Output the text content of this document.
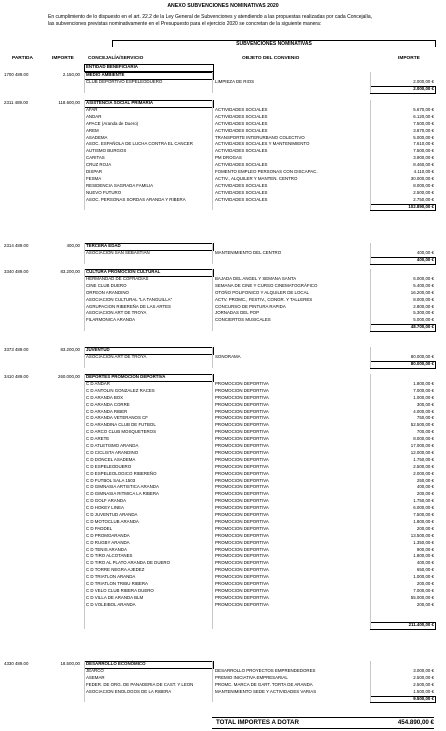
ANEXO SUBVENCIONES NOMINATIVAS 2020
En cumplimiento de lo dispuesto en el art. 22.2 de la Ley General de Subvenciones y atendiendo a las propuestas realizadas por cada Concejalía,
las subvenciones previstas nominativamente en el Presupuesto para el ejercicio 2020 se concretan de la siguiente manera:
SUBVENCIONES NOMINATIVAS
PARTIDA	IMPORTE	CONCEJALÍA/SERVICIO	OBJETO DEL CONVENIO	IMPORTE
ENTIDAD BENEFICIARIA
1700 489.00	2.150,00 MEDIO AMBIENTE
CLUB DEPORTIVO ESPELEODUERO	LIMPIEZA DE RIOS	2.000,00 €
2.000,00 €
2311 489.00	118.600,00 ASISTENCIA SOCIAL PRIMARIA
AFAR	ACTIVIDADES SOCIALES	5.670,00 €
ANDAR	ACTIVIDADES SOCIALES	6.120,00 €
APACE (Aranda de Duero)	ACTIVIDADES SOCIALES	7.500,00 €
AREM	ACTIVIDADES SOCIALES	3.870,00 €
ASADEMA	TRANSPORTE INTERURBANO COLECTIVO	5.000,00 €
ASOC. ESPAÑOLA DE LUCHA CONTRA EL CANCER	ACTIVIDADES SOCIALES Y MANTENIMIENTO	7.610,00 €
AUTISMO BURGOS	ACTIVIDADES SOCIALES	7.500,00 €
CARITAS	PM DROGAS	3.900,00 €
CRUZ ROJA	ACTIVIDADES SOCIALES	8.460,00 €
DISPAR	FOMENTO EMPLEO PERSONAS CON DISCAPAC.	4.110,00 €
FESMA	ACTIV., ALQUILER Y MANTEN. CENTRO	30.000,00 €
RESIDENCIA SAGRADA FAMILIA	ACTIVIDADES SOCIALES	8.000,00 €
NUEVO FUTURO	ACTIVIDADES SOCIALES	2.500,00 €
ASOC. PERSONAS SORDAS ARANDA Y RIBERA	ACTIVIDADES SOCIALES	2.750,00 €
102.890,00 €
2314 489.00	400,00 TERCERA EDAD
ASOCIACIÓN SAN SEBASTIÁN	MANTENIMIENTO DEL CENTRO	400,00 €
400,00 €
3340 489.00	83.200,00 CULTURA PROMOCION CULTURAL
HERMANDAD DE COFRADIAS	BAJADA DEL ANGEL Y SEMANA SANTA	6.000,00 €
CINE CLUB DUERO	SEMANA DE CINE Y CURSO CINEMATOGRÁFICO	5.400,00 €
ORFEON ARANDINO	OTOÑO POLIFONICO Y ALQUILER DE LOCAL	16.200,00 €
ASOCIACION CULTURAL "LA TANGUILLA"	ACTV. PROMC., FESTIV., CONGR. Y TALLERES	8.000,00 €
AGRUPACION RIBEREÑA DE LAS ARTES	CONCURSO DE PINTURA RAPIDA	2.800,00 €
ASOCIACION ART DE TROYA	JORNADAS DEL POP	5.300,00 €
FILARMONICA ARANDA	CONCIERTOS MUSICALES	5.000,00 €
48.700,00 €
3373 489.00	83.200,00 JUVENTUD
ASOCIACION ART DE TROYA	SONORAMA	80.000,00 €
80.000,00 €
3410 489.00	260.000,00 DEPORTES PROMOCION DEPORTIVA
C D ANDAR	PROMOCION DEPORTIVA	1.800,00 €
C D ANTOLIN GONZALEZ RACES	PROMOCION DEPORTIVA	7.000,00 €
C D ARANDA BOX	PROMOCION DEPORTIVA	1.000,00 €
C D ARANDA CORRE	PROMOCION DEPORTIVA	300,00 €
C D ARANDA RIBER	PROMOCION DEPORTIVA	4.000,00 €
C D ARANDA VETERANOS CF	PROMOCION DEPORTIVA	750,00 €
C D ARANDINA CLUB DE FUTBOL	PROMOCION DEPORTIVA	52.500,00 €
C D ARCO CLUB MOSQUETEROS	PROMOCION DEPORTIVA	700,00 €
C D ARETE	PROMOCION DEPORTIVA	8.000,00 €
C D ATLETISMO ARANDA	PROMOCION DEPORTIVA	17.000,00 €
C D CICLISTA ARANDINO	PROMOCION DEPORTIVA	12.000,00 €
C D DONCEL ASADEMA	PROMOCION DEPORTIVA	1.750,00 €
C D ESPELEODUERO	PROMOCION DEPORTIVA	2.500,00 €
C D ESPELEOLOGICO RIBEREÑO	PROMOCION DEPORTIVA	2.000,00 €
C D FUTBOL SALA 1503	PROMOCION DEPORTIVA	250,00 €
C D GIMNASIA ARTISTICA ARANDA	PROMOCION DEPORTIVA	400,00 €
C D GIMNASIA RITMICA LA RIBERA	PROMOCION DEPORTIVA	200,00 €
C D GOLF ARANDA	PROMOCION DEPORTIVA	1.750,00 €
C D HOKEY LINEA	PROMOCION DEPORTIVA	6.000,00 €
C D JUVENTUD ARANDA	PROMOCION DEPORTIVA	7.500,00 €
C D MOTOCLUB ARANDA	PROMOCION DEPORTIVA	1.800,00 €
C D PADDEL	PROMOCION DEPORTIVA	200,00 €
C D PROMOARANDA	PROMOCION DEPORTIVA	13.500,00 €
C D RUGBY ARANDA	PROMOCION DEPORTIVA	1.350,00 €
C D TENIS ARANDA	PROMOCION DEPORTIVA	900,00 €
C D TIRO ALCOTANES	PROMOCION DEPORTIVA	1.800,00 €
C D TIRO AL PLATO ARANDA DE DUERO	PROMOCION DEPORTIVA	400,00 €
C D TORRE NEGRA AJEDEZ	PROMOCION DEPORTIVA	650,00 €
C D TRIATLON ARANDA	PROMOCION DEPORTIVA	1.000,00 €
C D TRIATLON TRIBU RIBERA	PROMOCION DEPORTIVA	200,00 €
C D VELO CLUB RIBERA DUERO	PROMOCION DEPORTIVA	7.000,00 €
C D VILLA DE ARANDA BLM	PROMOCION DEPORTIVA	55.000,00 €
C D VOLEIBOL ARANDA	PROMOCION DEPORTIVA	200,00 €
211.400,00 €
4330 489.00	18.500,00 DESARROLLO ECONÓMICO
JEARCO	DESARROLLO PROYECTOS EMPRENDEDORES	3.000,00 €
ASEMAR	PREMIO INICIATIVA EMPRESARIAL	2.500,00 €
FEDER. DE ORG. DE PANADERIA DE CAST. Y LEON	PROMC. MARCA DE GART. TORTA DE ARANDA	2.500,00 €
ASOCIACION ENOLOGOS DE LA RIBERA	MANTENIMIENTO SEDE Y ACTIVIDADES VARIAS	1.500,00 €
9.500,00 €
TOTAL IMPORTES A DOTAR	454.890,00 €
